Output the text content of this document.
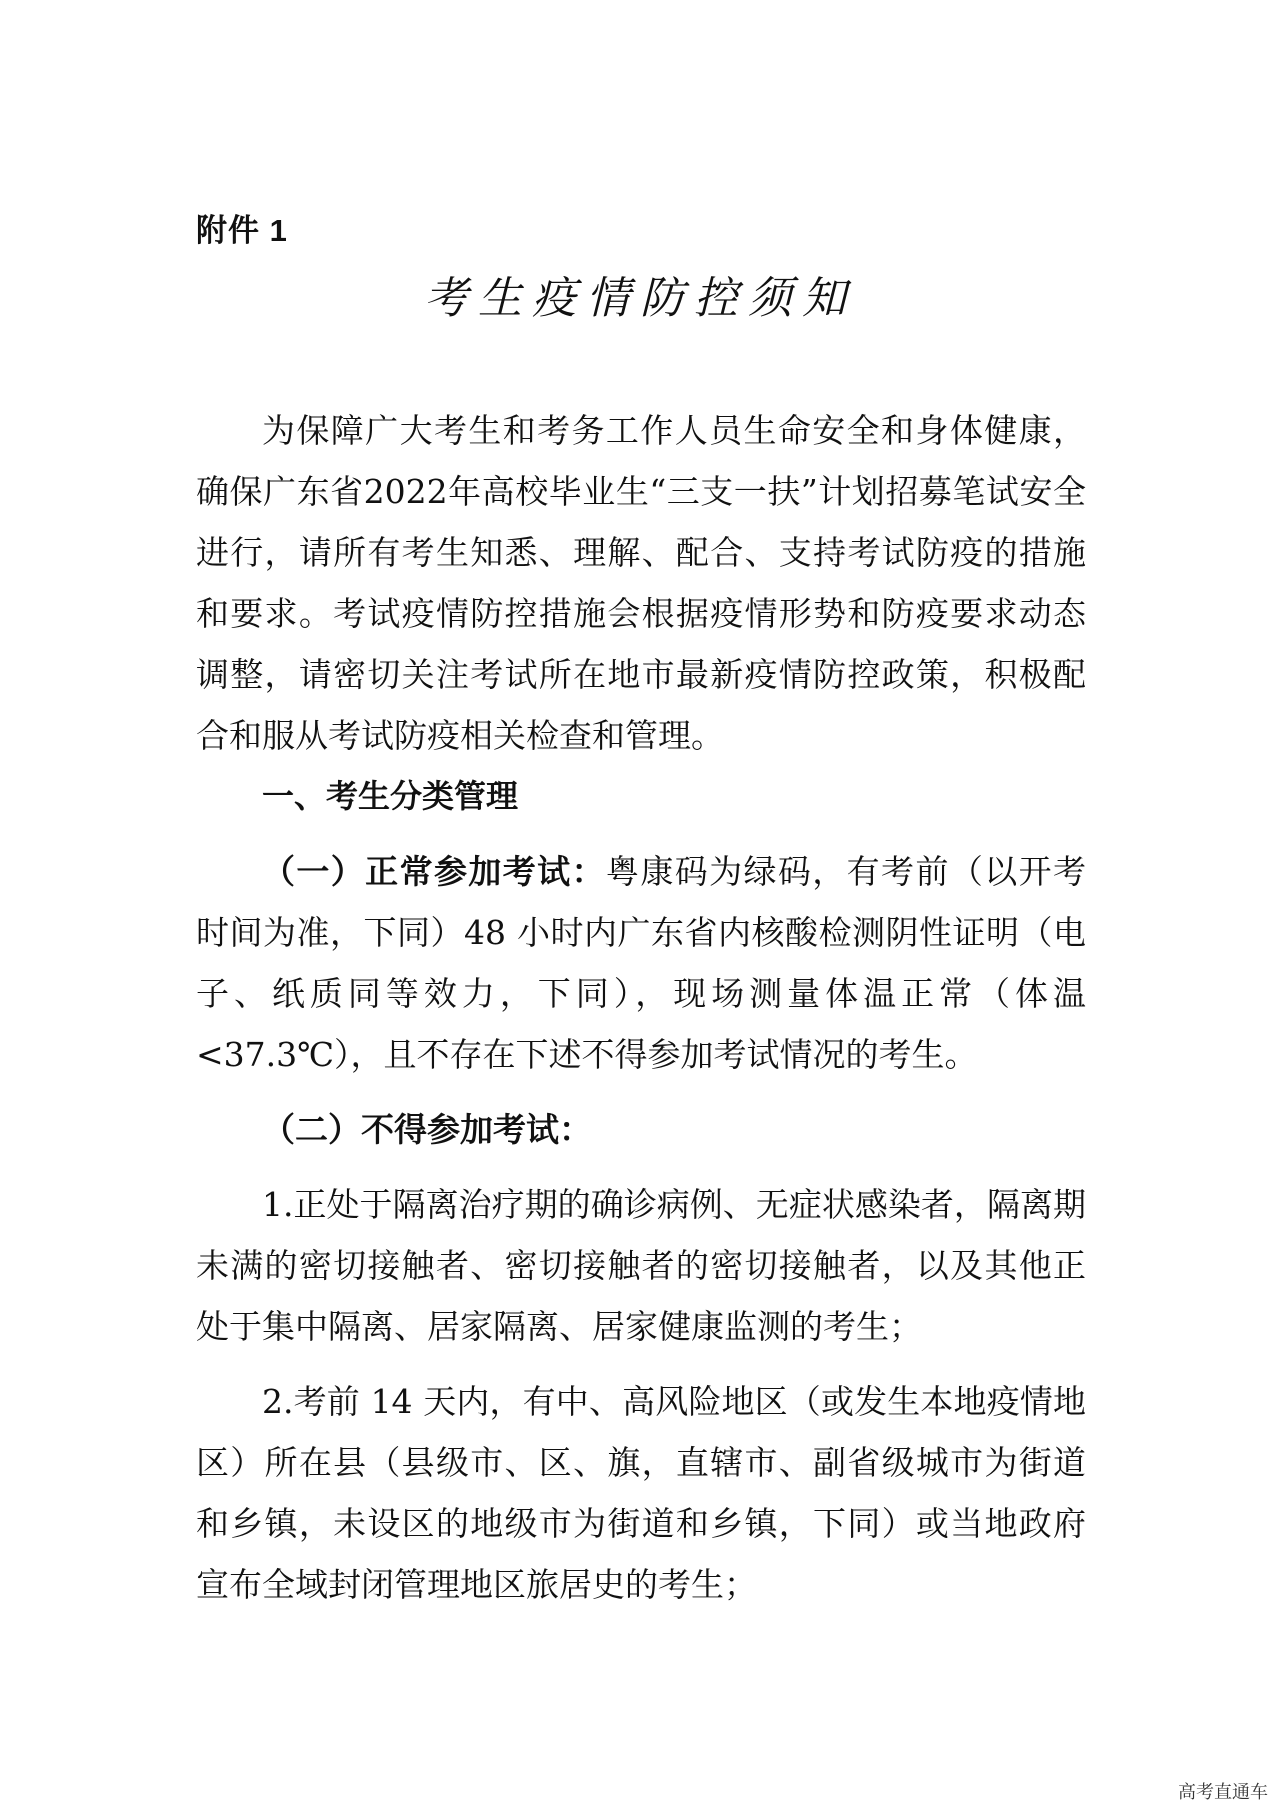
附件 1
考生疫情防控须知

为保障广大考生和考务工作人员生命安全和身体健康，确保广东省2022年高校毕业生“三支一扶”计划招募笔试安全进行，请所有考生知悉、理解、配合、支持考试防疫的措施和要求。考试疫情防控措施会根据疫情形势和防疫要求动态调整，请密切关注考试所在地市最新疫情防控政策，积极配合和服从考试防疫相关检查和管理。

一、考生分类管理

（一）正常参加考试：粤康码为绿码，有考前（以开考时间为准，下同）48 小时内广东省内核酸检测阴性证明（电子、纸质同等效力，下同），现场测量体温正常（体温<37.3℃），且不存在下述不得参加考试情况的考生。

（二）不得参加考试：

1.正处于隔离治疗期的确诊病例、无症状感染者，隔离期未满的密切接触者、密切接触者的密切接触者，以及其他正处于集中隔离、居家隔离、居家健康监测的考生；

2.考前 14 天内，有中、高风险地区（或发生本地疫情地区）所在县（县级市、区、旗，直辖市、副省级城市为街道和乡镇，未设区的地级市为街道和乡镇，下同）或当地政府宣布全域封闭管理地区旅居史的考生；

高考直通车
